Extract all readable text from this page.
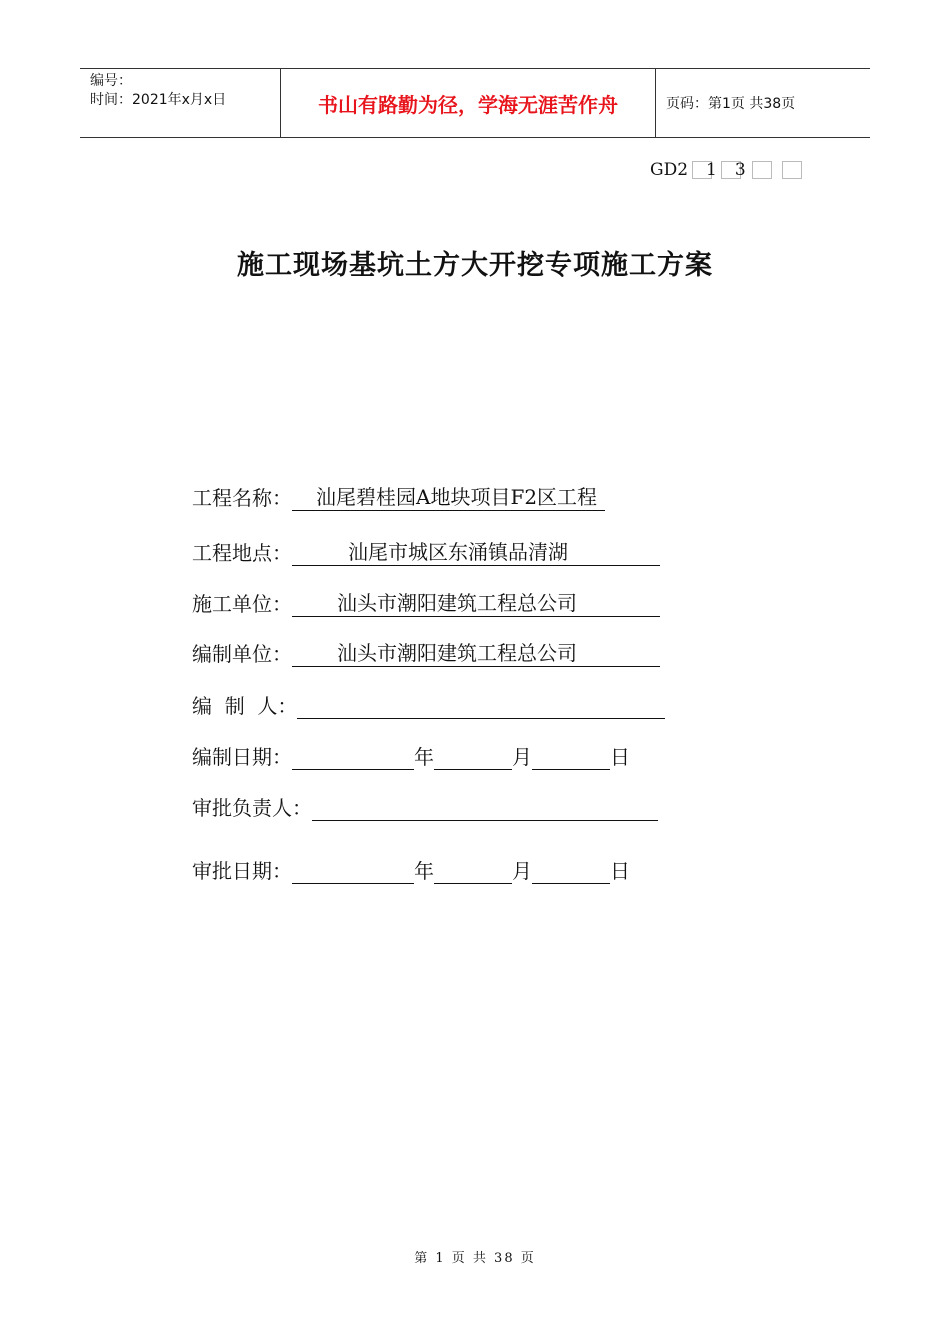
编号：
时间：2021年x月x日	书山有路勤为径，学海无涯苦作舟	页码：第1页 共38页
GD2 1 3
施工现场基坑土方大开挖专项施工方案
工程名称：	汕尾碧桂园A地块项目F2区工程
工程地点：	汕尾市城区东涌镇品清湖
施工单位：	汕头市潮阳建筑工程总公司
编制单位：	汕头市潮阳建筑工程总公司
编  制  人：
编制日期：	年	月	日
审批负责人：
审批日期：	年	月	日
第 1 页 共 38 页
